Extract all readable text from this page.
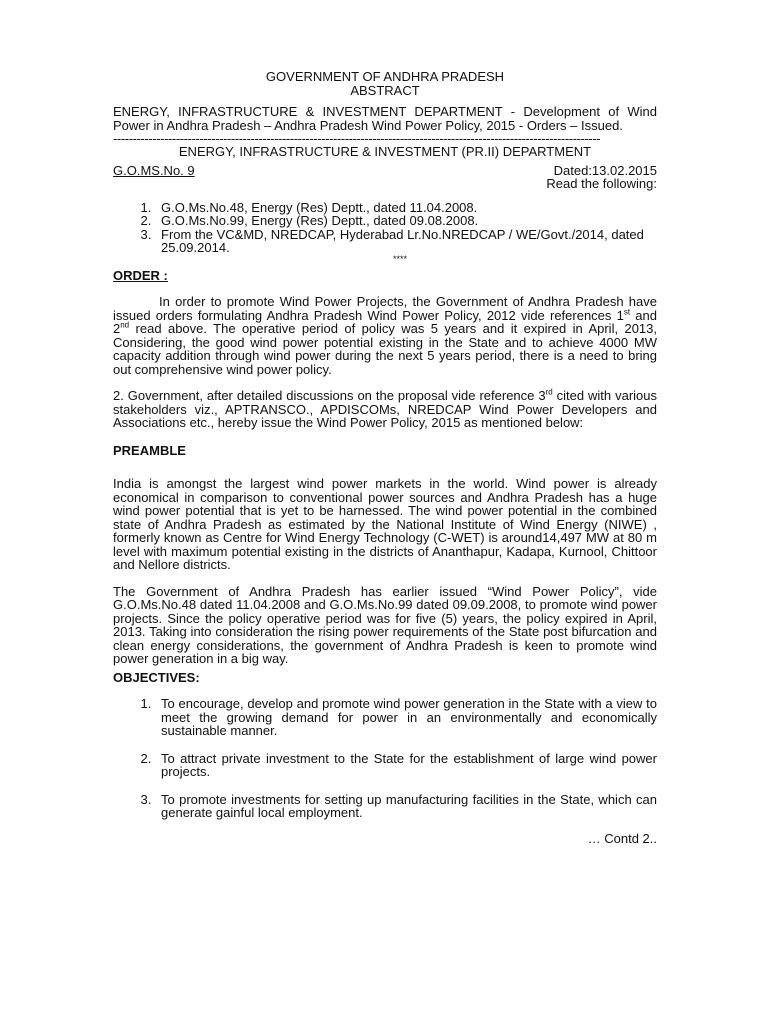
GOVERNMENT OF ANDHRA PRADESH
ABSTRACT
ENERGY, INFRASTRUCTURE & INVESTMENT DEPARTMENT - Development of Wind Power in Andhra Pradesh – Andhra Pradesh Wind Power Policy, 2015 - Orders – Issued.
----------------------------------------------------------------------------------------------------------------------------
ENERGY, INFRASTRUCTURE & INVESTMENT (PR.II) DEPARTMENT
G.O.MS.No. 9	Dated:13.02.2015
Read the following:
1. G.O.Ms.No.48, Energy (Res) Deptt., dated 11.04.2008.
2. G.O.Ms.No.99, Energy (Res) Deptt., dated 09.08.2008.
3. From the VC&MD, NREDCAP, Hyderabad Lr.No.NREDCAP / WE/Govt./2014, dated 25.09.2014.
****
ORDER :
In order to promote Wind Power Projects, the Government of Andhra Pradesh have issued orders formulating Andhra Pradesh Wind Power Policy, 2012 vide references 1st and 2nd read above. The operative period of policy was 5 years and it expired in April, 2013, Considering, the good wind power potential existing in the State and to achieve 4000 MW capacity addition through wind power during the next 5 years period, there is a need to bring out comprehensive wind power policy.
2. Government, after detailed discussions on the proposal vide reference 3rd cited with various stakeholders viz., APTRANSCO., APDISCOMs, NREDCAP Wind Power Developers and Associations etc., hereby issue the Wind Power Policy, 2015 as mentioned below:
PREAMBLE
India is amongst the largest wind power markets in the world. Wind power is already economical in comparison to conventional power sources and Andhra Pradesh has a huge wind power potential that is yet to be harnessed. The wind power potential in the combined state of Andhra Pradesh as estimated by the National Institute of Wind Energy (NIWE) , formerly known as Centre for Wind Energy Technology (C-WET) is around14,497 MW at 80 m level with maximum potential existing in the districts of Ananthapur, Kadapa, Kurnool, Chittoor and Nellore districts.
The Government of Andhra Pradesh has earlier issued “Wind Power Policy”, vide G.O.Ms.No.48 dated 11.04.2008 and G.O.Ms.No.99 dated 09.09.2008, to promote wind power projects. Since the policy operative period was for five (5) years, the policy expired in April, 2013. Taking into consideration the rising power requirements of the State post bifurcation and clean energy considerations, the government of Andhra Pradesh is keen to promote wind power generation in a big way.
OBJECTIVES:
1. To encourage, develop and promote wind power generation in the State with a view to meet the growing demand for power in an environmentally and economically sustainable manner.
2. To attract private investment to the State for the establishment of large wind power projects.
3. To promote investments for setting up manufacturing facilities in the State, which can generate gainful local employment.
… Contd 2..
